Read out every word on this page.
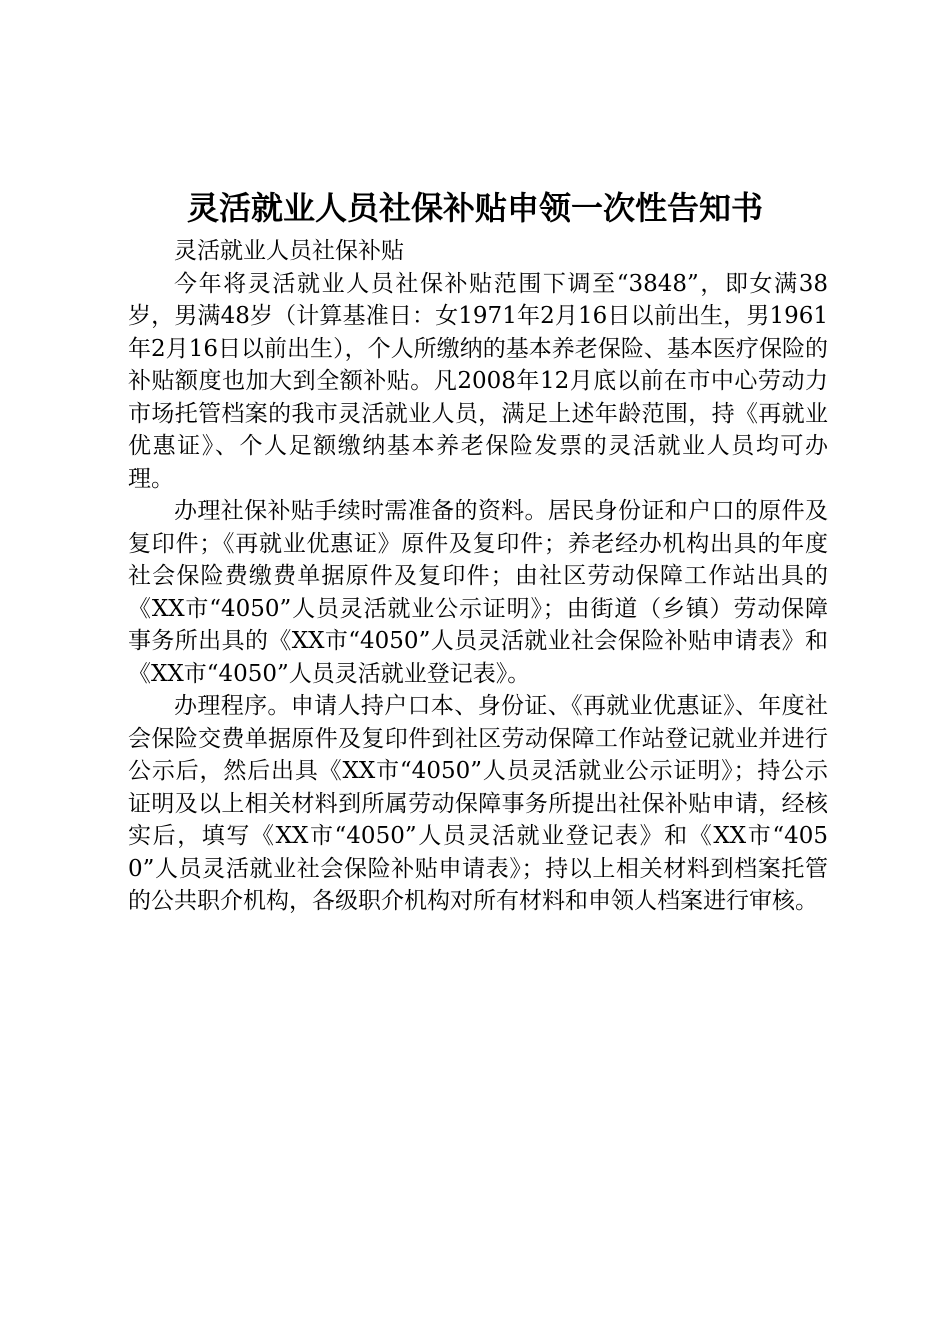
灵活就业人员社保补贴申领一次性告知书

灵活就业人员社保补贴

今年将灵活就业人员社保补贴范围下调至“3848”，即女满38岁，男满48岁（计算基准日：女1971年2月16日以前出生，男1961年2月16日以前出生），个人所缴纳的基本养老保险、基本医疗保险的补贴额度也加大到全额补贴。凡2008年12月底以前在市中心劳动力市场托管档案的我市灵活就业人员，满足上述年龄范围，持《再就业优惠证》、个人足额缴纳基本养老保险发票的灵活就业人员均可办理。

办理社保补贴手续时需准备的资料。居民身份证和户口的原件及复印件；《再就业优惠证》原件及复印件；养老经办机构出具的年度社会保险费缴费单据原件及复印件；由社区劳动保障工作站出具的《XX市“4050”人员灵活就业公示证明》；由街道（乡镇）劳动保障事务所出具的《XX市“4050”人员灵活就业社会保险补贴申请表》和《XX市“4050”人员灵活就业登记表》。

办理程序。申请人持户口本、身份证、《再就业优惠证》、年度社会保险交费单据原件及复印件到社区劳动保障工作站登记就业并进行公示后，然后出具《XX市“4050”人员灵活就业公示证明》；持公示证明及以上相关材料到所属劳动保障事务所提出社保补贴申请，经核实后，填写《XX市“4050”人员灵活就业登记表》和《XX市“4050”人员灵活就业社会保险补贴申请表》；持以上相关材料到档案托管的公共职介机构，各级职介机构对所有材料和申领人档案进行审核。
